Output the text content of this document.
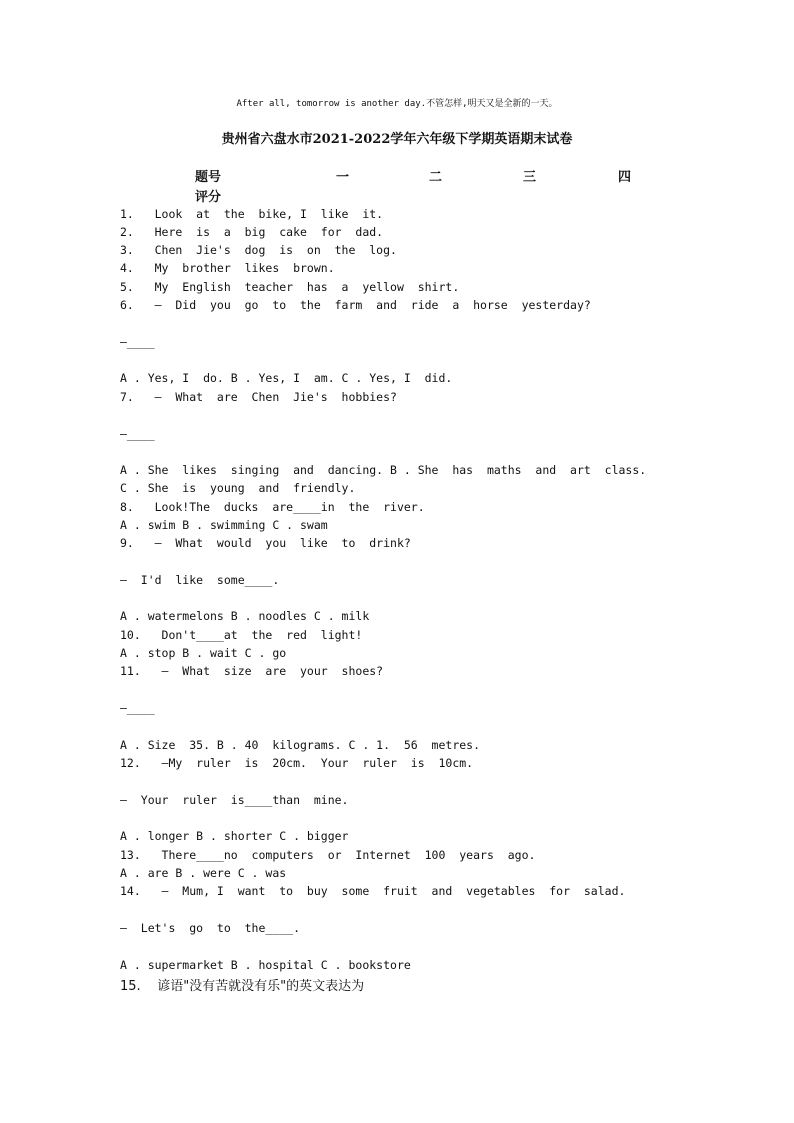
After all, tomorrow is another day.不管怎样,明天又是全新的一天。
贵州省六盘水市2021-2022学年六年级下学期英语期末试卷
题号	一	二	三	四
评分
1.   Look  at  the  bike, I  like  it.
2.   Here  is  a  big  cake  for  dad.
3.   Chen  Jie's  dog  is  on  the  log.
4.   My  brother  likes  brown.
5.   My  English  teacher  has  a  yellow  shirt.
6.   —  Did  you  go  to  the  farm  and  ride  a  horse  yesterday?
—____
A . Yes, I  do. B . Yes, I  am. C . Yes, I  did.
7.   —  What  are  Chen  Jie's  hobbies?
—____
A . She  likes  singing  and  dancing. B . She  has  maths  and  art  class.
C . She  is  young  and  friendly.
8.   Look!The  ducks  are____in  the  river.
A . swim B . swimming C . swam
9.   —  What  would  you  like  to  drink?
—  I'd  like  some____.
A . watermelons B . noodles C . milk
10.   Don't____at  the  red  light!
A . stop B . wait C . go
11.   —  What  size  are  your  shoes?
—____
A . Size  35. B . 40  kilograms. C . 1.  56  metres.
12.   —My  ruler  is  20cm.  Your  ruler  is  10cm.
—  Your  ruler  is____than  mine.
A . longer B . shorter C . bigger
13.   There____no  computers  or  Internet  100  years  ago.
A . are B . were C . was
14.   —  Mum, I  want  to  buy  some  fruit  and  vegetables  for  salad.
—  Let's  go  to  the____.
A . supermarket B . hospital C . bookstore
15.    谚语"没有苦就没有乐"的英文表达为
